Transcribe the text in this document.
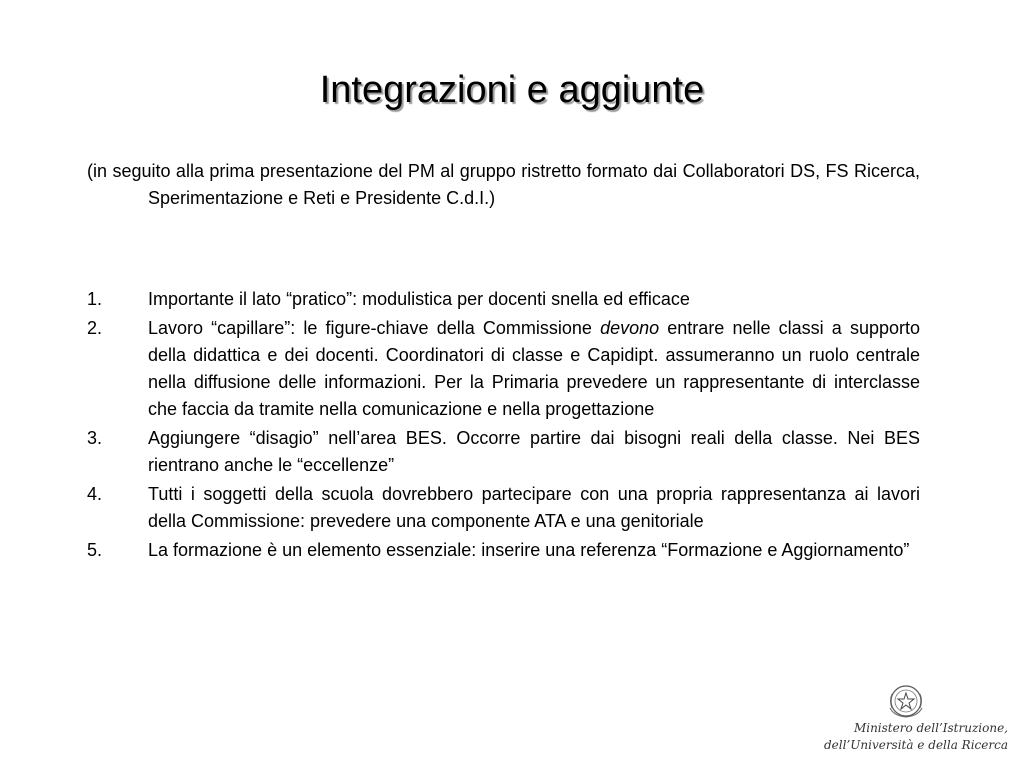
Integrazioni e aggiunte

(in seguito alla prima presentazione del PM al gruppo ristretto formato dai Collaboratori DS, FS Ricerca, Sperimentazione e Reti e Presidente C.d.I.)

1.	Importante il lato “pratico”: modulistica per docenti snella ed efficace
2.	Lavoro “capillare”: le figure-chiave della Commissione devono entrare nelle classi a supporto della didattica e dei docenti. Coordinatori di classe e Capidipt. assumeranno un ruolo centrale nella diffusione delle informazioni. Per la Primaria prevedere un rappresentante di interclasse che faccia da tramite nella comunicazione e nella progettazione
3.	Aggiungere “disagio” nell’area BES. Occorre partire dai bisogni reali della classe. Nei BES rientrano anche le “eccellenze”
4.	Tutti i soggetti della scuola dovrebbero partecipare con una propria rappresentanza ai lavori della Commissione: prevedere una componente ATA e una genitoriale
5.	La formazione è un elemento essenziale: inserire una referenza “Formazione e Aggiornamento”
Ministero dell’Istruzione,
dell’Università e della Ricerca
